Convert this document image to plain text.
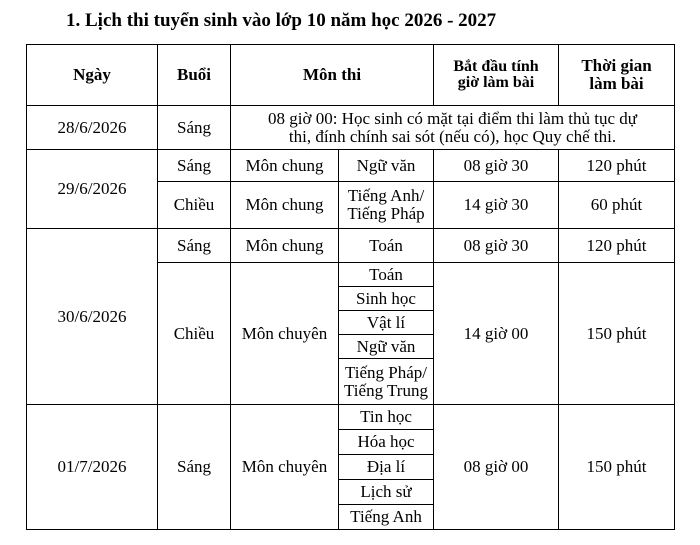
1. Lịch thi tuyển sinh vào lớp 10 năm học 2026 - 2027
Ngày	Buổi	Môn thi		Bắt đầu tính
giờ làm bài	Thời gian
làm bài
28/6/2026	Sáng	08 giờ 00: Học sinh có mặt tại điểm thi làm thủ tục dự
thi, đính chính sai sót (nếu có), học Quy chế thi.			
29/6/2026	Sáng	Môn chung	Ngữ văn	08 giờ 30	120 phút
	Chiều	Môn chung	Tiếng Anh/
Tiếng Pháp	14 giờ 30	60 phút
30/6/2026	Sáng	Môn chung	Toán	08 giờ 30	120 phút
	Chiều	Môn chuyên	Toán	14 giờ 00	150 phút
			Sinh học		
			Vật lí		
			Ngữ văn		
			Tiếng Pháp/
Tiếng Trung		
01/7/2026	Sáng	Môn chuyên	Tin học	08 giờ 00	150 phút
			Hóa học		
			Địa lí		
			Lịch sử		
			Tiếng Anh		
